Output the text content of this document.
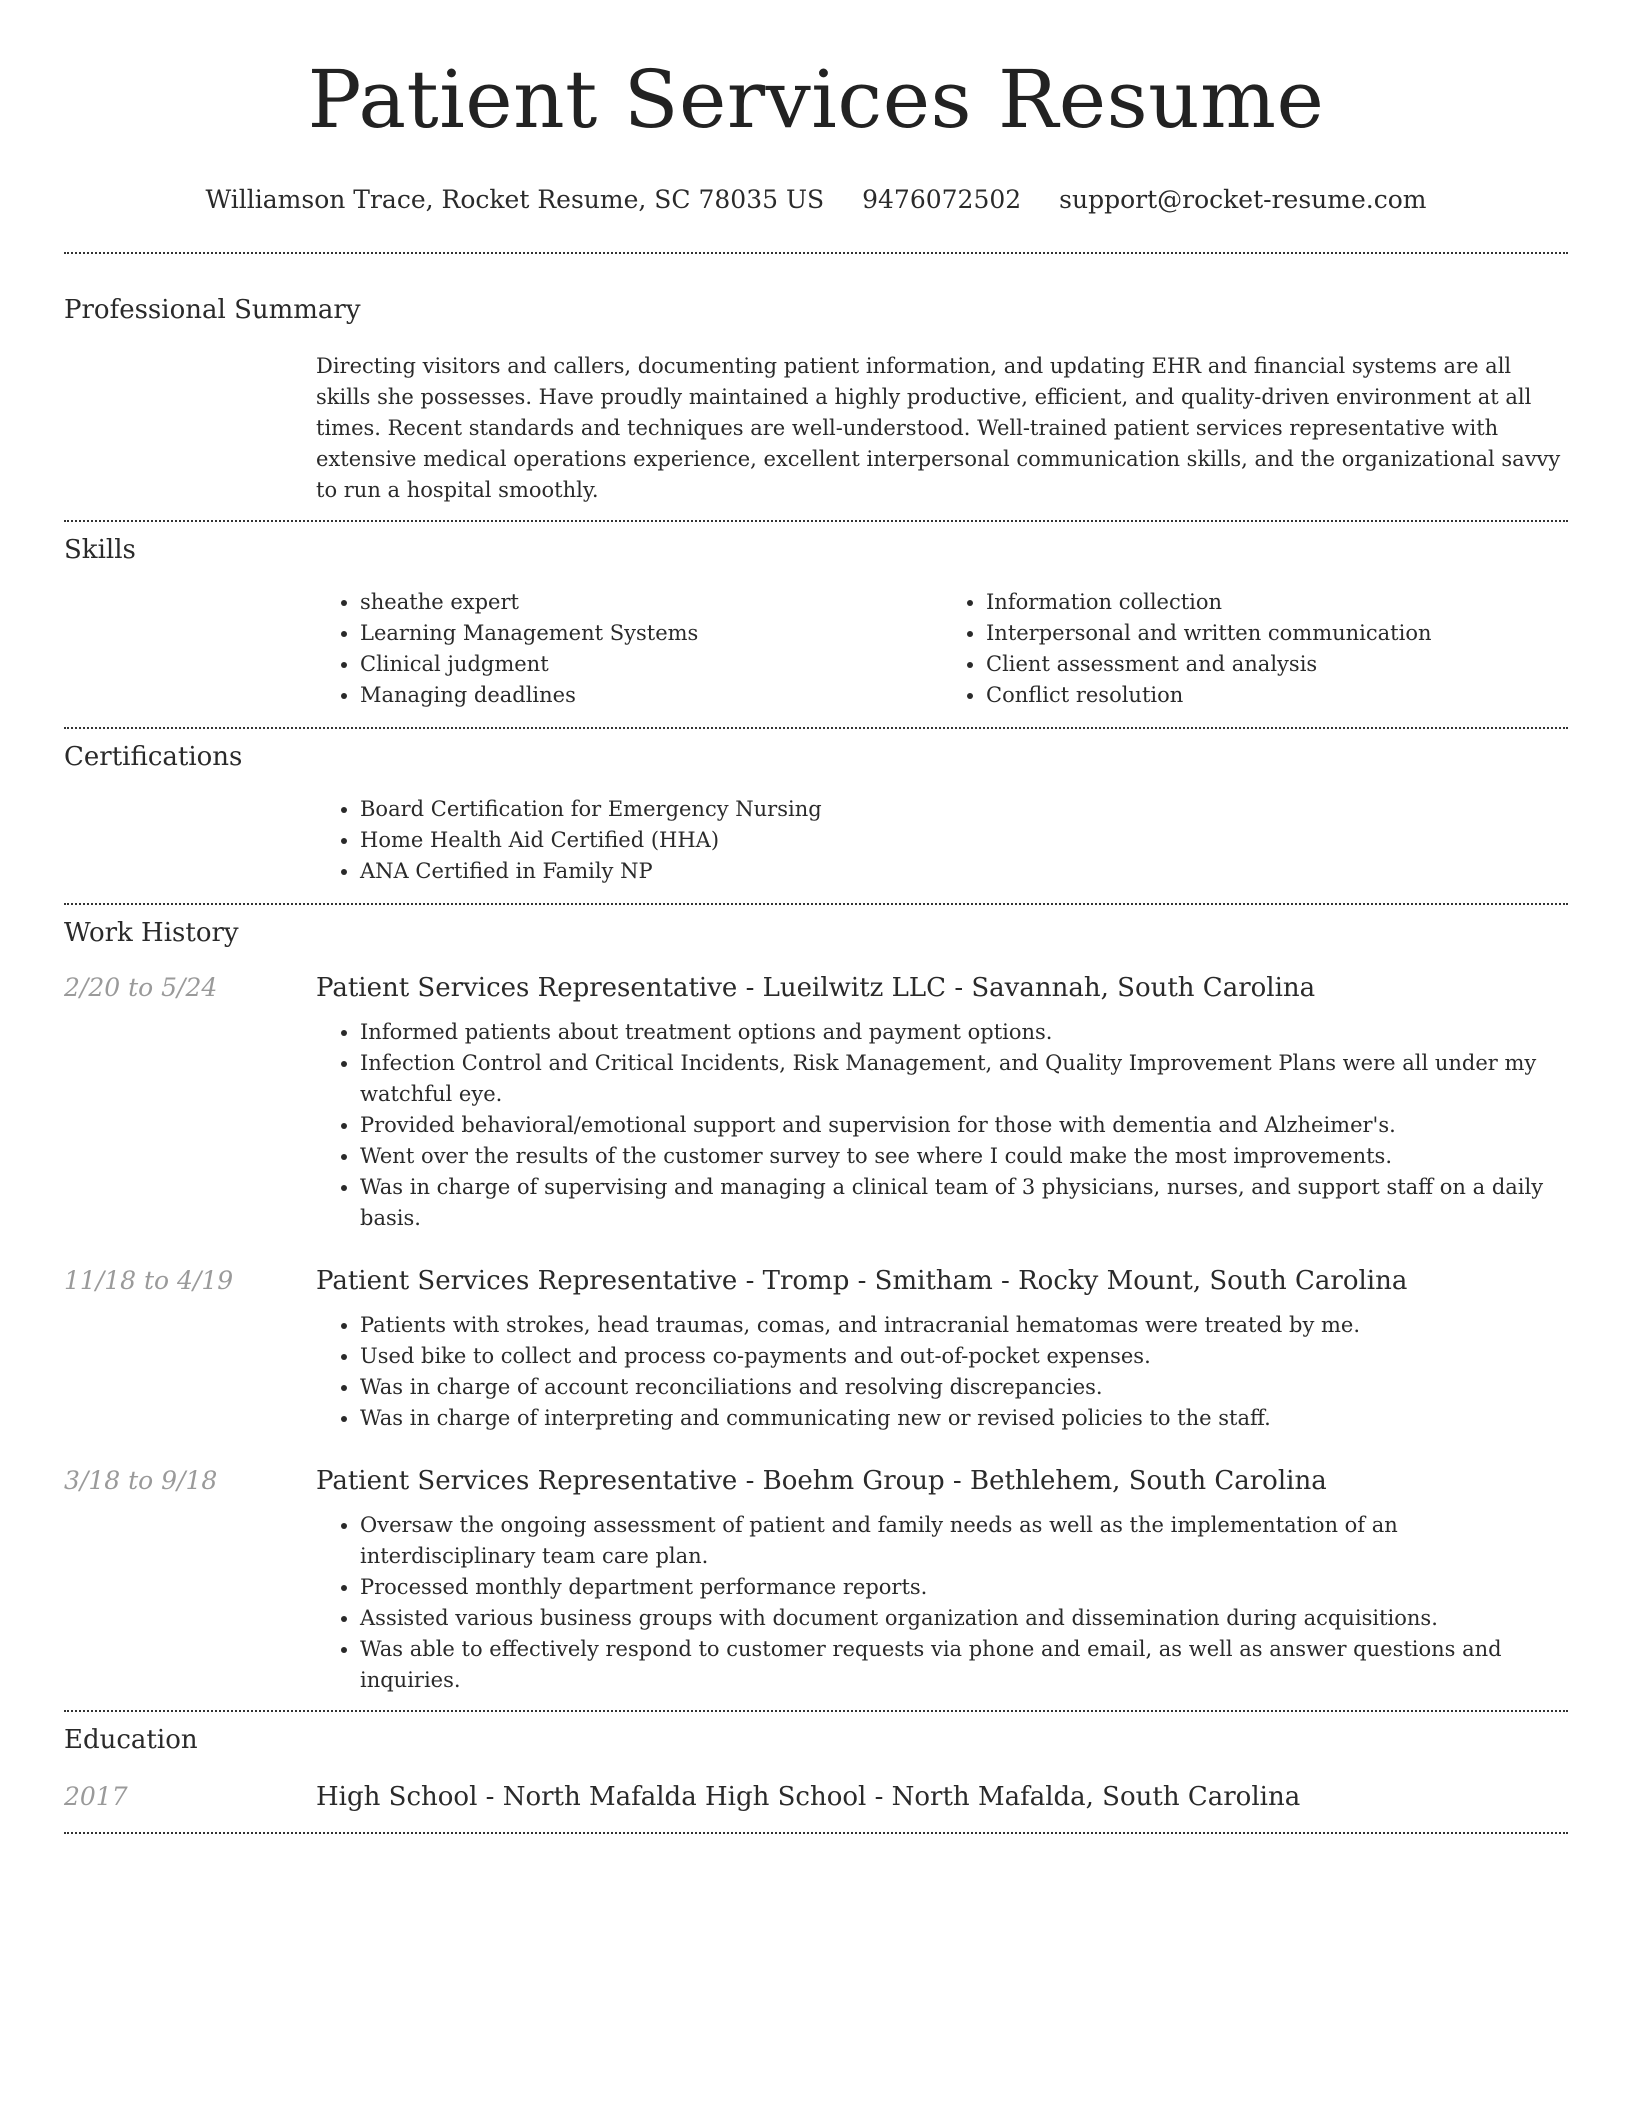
Patient Services Resume
Williamson Trace, Rocket Resume, SC 78035 US 9476072502 support@rocket-resume.com
Professional Summary
Directing visitors and callers, documenting patient information, and updating EHR and financial systems are all skills she possesses. Have proudly maintained a highly productive, efficient, and quality-driven environment at all times. Recent standards and techniques are well-understood. Well-trained patient services representative with extensive medical operations experience, excellent interpersonal communication skills, and the organizational savvy to run a hospital smoothly.
Skills
• sheathe expert
• Learning Management Systems
• Clinical judgment
• Managing deadlines
• Information collection
• Interpersonal and written communication
• Client assessment and analysis
• Conflict resolution
Certifications
• Board Certification for Emergency Nursing
• Home Health Aid Certified (HHA)
• ANA Certified in Family NP
Work History
2/20 to 5/24	Patient Services Representative - Lueilwitz LLC - Savannah, South Carolina
• Informed patients about treatment options and payment options.
• Infection Control and Critical Incidents, Risk Management, and Quality Improvement Plans were all under my watchful eye.
• Provided behavioral/emotional support and supervision for those with dementia and Alzheimer's.
• Went over the results of the customer survey to see where I could make the most improvements.
• Was in charge of supervising and managing a clinical team of 3 physicians, nurses, and support staff on a daily basis.
11/18 to 4/19	Patient Services Representative - Tromp - Smitham - Rocky Mount, South Carolina
• Patients with strokes, head traumas, comas, and intracranial hematomas were treated by me.
• Used bike to collect and process co-payments and out-of-pocket expenses.
• Was in charge of account reconciliations and resolving discrepancies.
• Was in charge of interpreting and communicating new or revised policies to the staff.
3/18 to 9/18	Patient Services Representative - Boehm Group - Bethlehem, South Carolina
• Oversaw the ongoing assessment of patient and family needs as well as the implementation of an interdisciplinary team care plan.
• Processed monthly department performance reports.
• Assisted various business groups with document organization and dissemination during acquisitions.
• Was able to effectively respond to customer requests via phone and email, as well as answer questions and inquiries.
Education
2017	High School - North Mafalda High School - North Mafalda, South Carolina
